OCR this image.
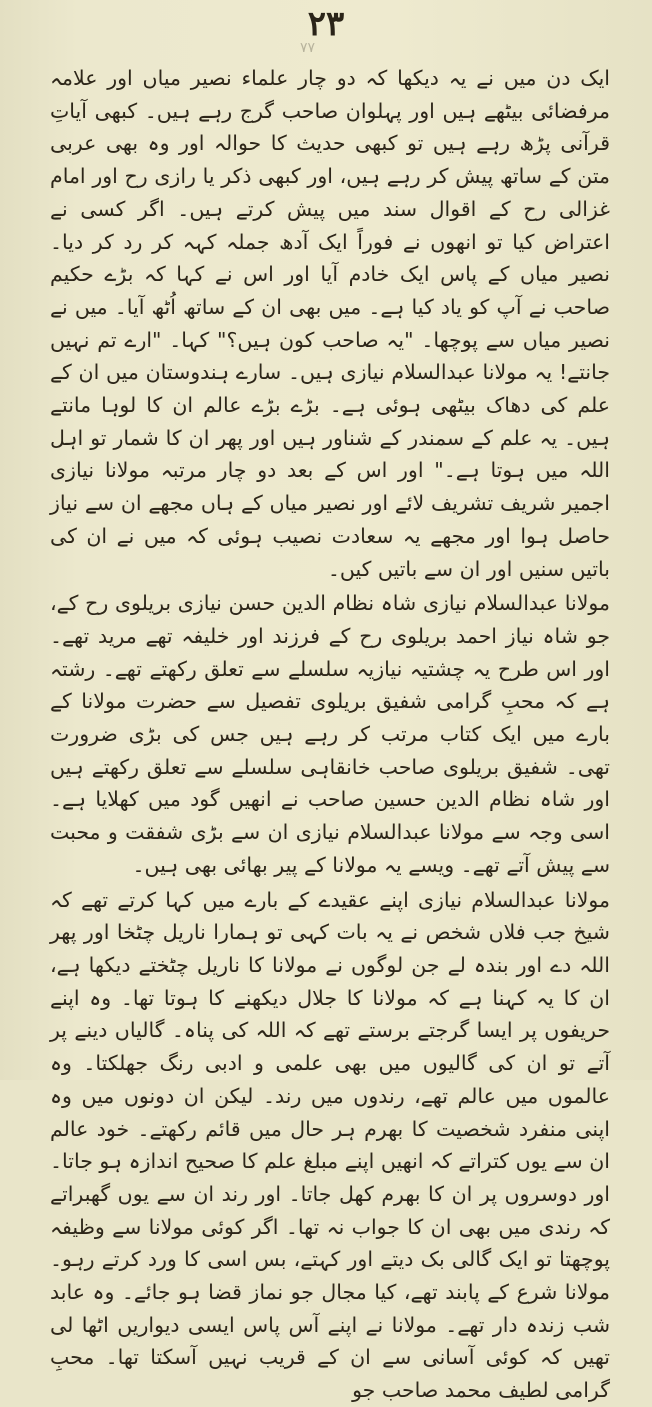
۲۳
۷۷

ایک دن میں نے یہ دیکھا کہ دو چار علماء نصیر میاں اور علامہ مرفضائی بیٹھے ہیں اور پہلوان صاحب گرج رہے ہیں۔ کبھی آیاتِ قرآنی پڑھ رہے ہیں تو کبھی حدیث کا حوالہ اور وہ بھی عربی متن کے ساتھ پیش کر رہے ہیں، اور کبھی ذکر یا رازی رح اور امام غزالی رح کے اقوال سند میں پیش کرتے ہیں۔ اگر کسی نے اعتراض کیا تو انھوں نے فوراً ایک آدھ جملہ کہہ کر رد کر دیا۔ نصیر میاں کے پاس ایک خادم آیا اور اس نے کہا کہ بڑے حکیم صاحب نے آپ کو یاد کیا ہے۔ میں بھی ان کے ساتھ اُٹھ آیا۔ میں نے نصیر میاں سے پوچھا۔ "یہ صاحب کون ہیں؟" کہا۔ "ارے تم نہیں جانتے! یہ مولانا عبدالسلام نیازی ہیں۔ سارے ہندوستان میں ان کے علم کی دھاک بیٹھی ہوئی ہے۔ بڑے بڑے عالم ان کا لوہا مانتے ہیں۔ یہ علم کے سمندر کے شناور ہیں اور پھر ان کا شمار تو اہل اللہ میں ہوتا ہے۔" اور اس کے بعد دو چار مرتبہ مولانا نیازی اجمیر شریف تشریف لائے اور نصیر میاں کے ہاں مجھے ان سے نیاز حاصل ہوا اور مجھے یہ سعادت نصیب ہوئی کہ میں نے ان کی باتیں سنیں اور ان سے باتیں کیں۔

مولانا عبدالسلام نیازی شاہ نظام الدین حسن نیازی بریلوی رح کے، جو شاہ نیاز احمد بریلوی رح کے فرزند اور خلیفہ تھے مرید تھے۔ اور اس طرح یہ چشتیہ نیازیہ سلسلے سے تعلق رکھتے تھے۔ رشتہ ہے کہ محبِ گرامی شفیق بریلوی تفصیل سے حضرت مولانا کے بارے میں ایک کتاب مرتب کر رہے ہیں جس کی بڑی ضرورت تھی۔ شفیق بریلوی صاحب خانقاہی سلسلے سے تعلق رکھتے ہیں اور شاہ نظام الدین حسین صاحب نے انھیں گود میں کھلایا ہے۔ اسی وجہ سے مولانا عبدالسلام نیازی ان سے بڑی شفقت و محبت سے پیش آتے تھے۔ ویسے یہ مولانا کے پیر بھائی بھی ہیں۔

مولانا عبدالسلام نیازی اپنے عقیدے کے بارے میں کہا کرتے تھے کہ شیخ جب فلاں شخص نے یہ بات کہی تو ہمارا ناریل چٹخا اور پھر اللہ دے اور بندہ لے جن لوگوں نے مولانا کا ناریل چٹختے دیکھا ہے، ان کا یہ کہنا ہے کہ مولانا کا جلال دیکھنے کا ہوتا تھا۔ وہ اپنے حریفوں پر ایسا گرجتے برستے تھے کہ اللہ کی پناہ۔ گالیاں دینے پر آتے تو ان کی گالیوں میں بھی علمی و ادبی رنگ جھلکتا۔ وہ عالموں میں عالم تھے، رندوں میں رند۔ لیکن ان دونوں میں وہ اپنی منفرد شخصیت کا بھرم ہر حال میں قائم رکھتے۔ خود عالم ان سے یوں کتراتے کہ انھیں اپنے مبلغ علم کا صحیح اندازہ ہو جاتا۔ اور دوسروں پر ان کا بھرم کھل جاتا۔ اور رند ان سے یوں گھبراتے کہ رندی میں بھی ان کا جواب نہ تھا۔ اگر کوئی مولانا سے وظیفہ پوچھتا تو ایک گالی بک دیتے اور کہتے، بس اسی کا ورد کرتے رہو۔ مولانا شرع کے پابند تھے، کیا مجال جو نماز قضا ہو جائے۔ وہ عابد شب زندہ دار تھے۔ مولانا نے اپنے آس پاس ایسی دیواریں اٹھا لی تھیں کہ کوئی آسانی سے ان کے قریب نہیں آسکتا تھا۔ محبِ گرامی لطیف محمد صاحب جو
